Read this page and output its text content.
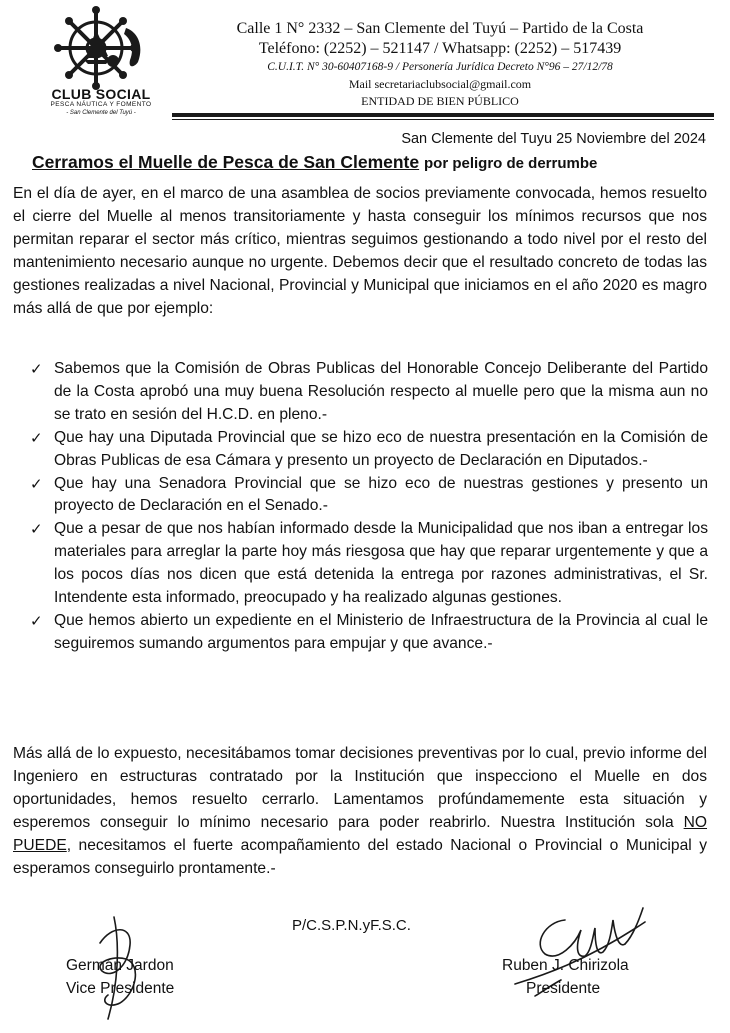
CLUB SOCIAL
PESCA NÁUTICA Y FOMENTO
- San Clemente del Tuyú -
Calle 1 N° 2332 – San Clemente del Tuyú – Partido de la Costa
Teléfono: (2252) – 521147 / Whatsapp: (2252) – 517439
C.U.I.T. N° 30-60407168-9 / Personería Jurídica Decreto N°96 – 27/12/78
Mail secretariaclubsocial@gmail.com
ENTIDAD DE BIEN PÚBLICO
San Clemente del Tuyu 25 Noviembre del 2024
Cerramos el Muelle de Pesca de San Clemente por peligro de derrumbe
En el día de ayer, en el marco de una asamblea de socios previamente convocada, hemos resuelto el cierre del Muelle al menos transitoriamente y hasta conseguir los mínimos recursos que nos permitan reparar el sector más crítico, mientras seguimos gestionando a todo nivel por el resto del mantenimiento necesario aunque no urgente. Debemos decir que el resultado concreto de todas las gestiones realizadas a nivel Nacional, Provincial y Municipal que iniciamos en el año 2020 es magro más allá de que por ejemplo:
✓ Sabemos que la Comisión de Obras Publicas del Honorable Concejo Deliberante del Partido de la Costa aprobó una muy buena Resolución respecto al muelle pero que la misma aun no se trato en sesión del H.C.D. en pleno.-
✓ Que hay una Diputada Provincial que se hizo eco de nuestra presentación en la Comisión de Obras Publicas de esa Cámara y presento un proyecto de Declaración en Diputados.-
✓ Que hay una Senadora Provincial que se hizo eco de nuestras gestiones y presento un proyecto de Declaración en el Senado.-
✓ Que a pesar de que nos habían informado desde la Municipalidad que nos iban a entregar los materiales para arreglar la parte hoy más riesgosa que hay que reparar urgentemente y que a los pocos días nos dicen que está detenida la entrega por razones administrativas, el Sr. Intendente esta informado, preocupado y ha realizado algunas gestiones.
✓ Que hemos abierto un expediente en el Ministerio de Infraestructura de la Provincia al cual le seguiremos sumando argumentos para empujar y que avance.-
Más allá de lo expuesto, necesitábamos tomar decisiones preventivas por lo cual, previo informe del Ingeniero en estructuras contratado por la Institución que inspecciono el Muelle en dos oportunidades, hemos resuelto cerrarlo. Lamentamos profúndamemente esta situación y esperemos conseguir lo mínimo necesario para poder reabrirlo. Nuestra Institución sola NO PUEDE, necesitamos el fuerte acompañamiento del estado Nacional o Provincial o Municipal y esperamos conseguirlo prontamente.-
P/C.S.P.N.yF.S.C.
Germán Jardon
Vice Presidente
Ruben J. Chirizola
Presidente
